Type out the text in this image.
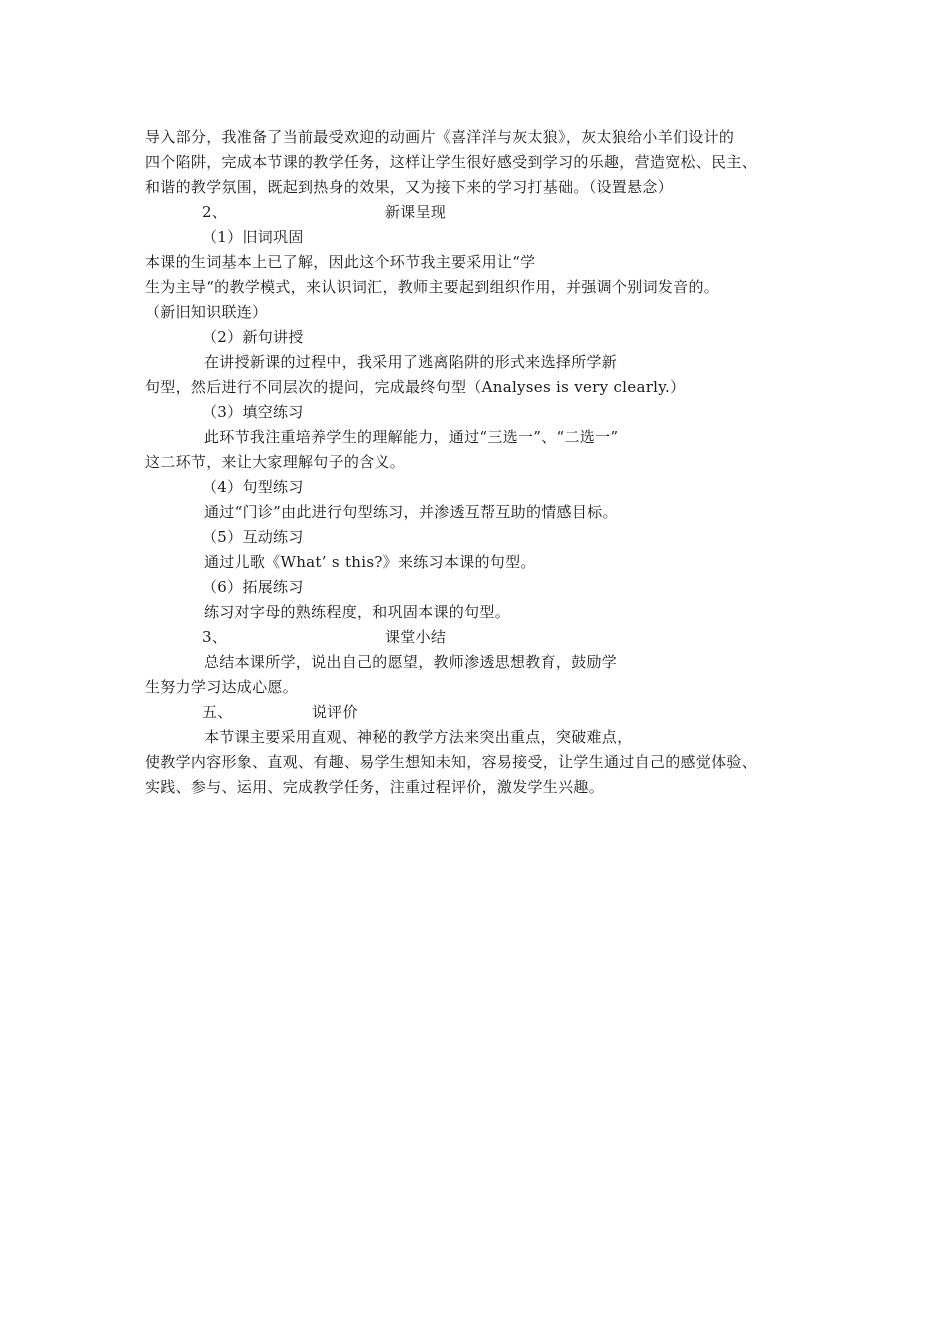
导入部分，我准备了当前最受欢迎的动画片《喜洋洋与灰太狼》，灰太狼给小羊们设计的
四个陷阱，完成本节课的教学任务，这样让学生很好感受到学习的乐趣，营造宽松、民主、
和谐的教学氛围，既起到热身的效果，又为接下来的学习打基础。（设置悬念）
2、	新课呈现
（1）旧词巩固
本课的生词基本上已了解，因此这个环节我主要采用让“学
生为主导“的教学模式，来认识词汇，教师主要起到组织作用，并强调个别词发音的。
（新旧知识联连）
（2）新句讲授
在讲授新课的过程中，我采用了逃离陷阱的形式来选择所学新
句型，然后进行不同层次的提问，完成最终句型（Analyses is very clearly.）
（3）填空练习
此环节我注重培养学生的理解能力，通过“三选一”、“二选一”
这二环节，来让大家理解句子的含义。
（4）句型练习
通过“门诊”由此进行句型练习，并渗透互帮互助的情感目标。
（5）互动练习
通过儿歌《What’ s this?》来练习本课的句型。
（6）拓展练习
练习对字母的熟练程度，和巩固本课的句型。
3、	课堂小结
总结本课所学，说出自己的愿望，教师渗透思想教育，鼓励学
生努力学习达成心愿。
五、	说评价
本节课主要采用直观、神秘的教学方法来突出重点，突破难点，
使教学内容形象、直观、有趣、易学生想知未知，容易接受，让学生通过自己的感觉体验、
实践、参与、运用、完成教学任务，注重过程评价，激发学生兴趣。
